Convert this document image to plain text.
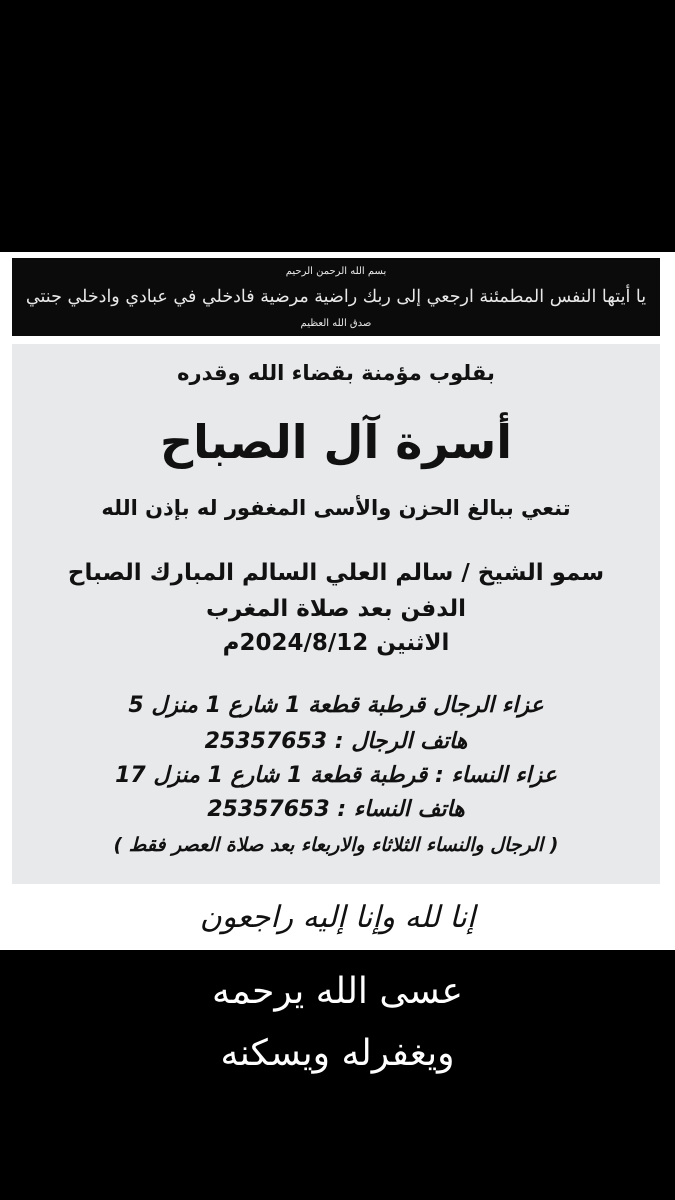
بسم الله الرحمن الرحيم
يا أيتها النفس المطمئنة ارجعي إلى ربك راضية مرضية فادخلي في عبادي وادخلي جنتي
صدق الله العظيم
بقلوب مؤمنة بقضاء الله وقدره
أسرة آل الصباح
تنعي ببالغ الحزن والأسى المغفور له بإذن الله
سمو الشيخ / سالم العلي السالم المبارك الصباح
الدفن بعد صلاة المغرب
الاثنين 2024/8/12م
عزاء الرجال قرطبة قطعة 1 شارع 1 منزل 5
هاتف الرجال : 25357653
عزاء النساء : قرطبة قطعة 1 شارع 1 منزل 17
هاتف النساء : 25357653
( الرجال والنساء الثلاثاء والاربعاء بعد صلاة العصر فقط )
إنا لله وإنا إليه راجعون
عسى الله يرحمه
ويغفرله ويسكنه
